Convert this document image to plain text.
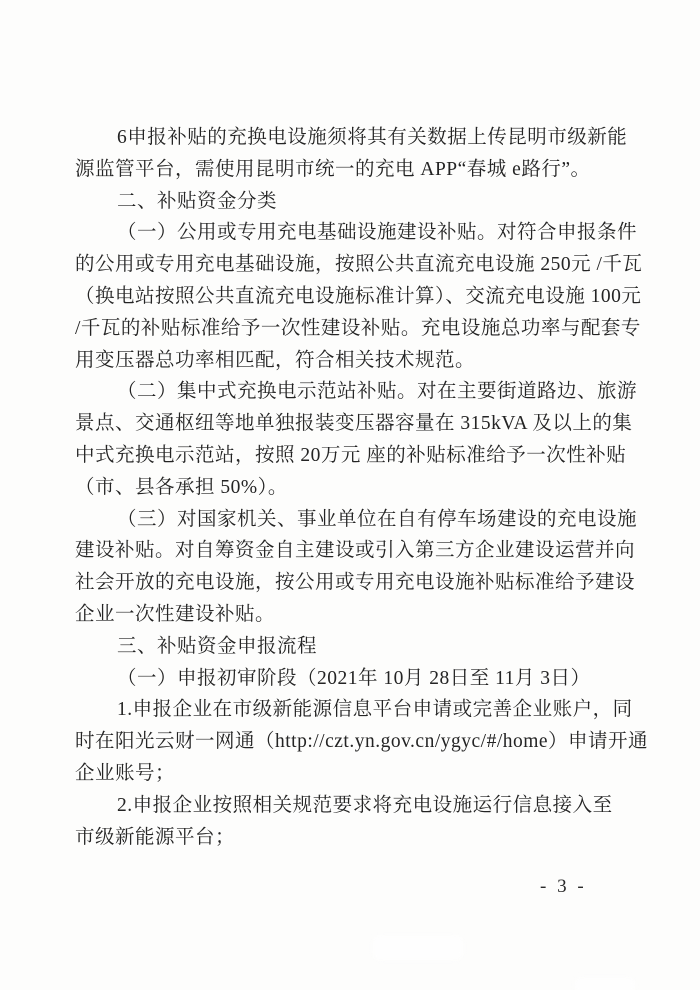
6申报补贴的充换电设施须将其有关数据上传昆明市级新能
源监管平台，需使用昆明市统一的充电 APP“春城 e路行”。
二、补贴资金分类
（一）公用或专用充电基础设施建设补贴。对符合申报条件
的公用或专用充电基础设施，按照公共直流充电设施 250元 /千瓦
（换电站按照公共直流充电设施标准计算）、交流充电设施 100元
/千瓦的补贴标准给予一次性建设补贴。充电设施总功率与配套专
用变压器总功率相匹配，符合相关技术规范。
（二）集中式充换电示范站补贴。对在主要街道路边、旅游
景点、交通枢纽等地单独报装变压器容量在 315kVA 及以上的集
中式充换电示范站，按照 20万元 座的补贴标准给予一次性补贴
（市、县各承担 50%）。
（三）对国家机关、事业单位在自有停车场建设的充电设施
建设补贴。对自筹资金自主建设或引入第三方企业建设运营并向
社会开放的充电设施，按公用或专用充电设施补贴标准给予建设
企业一次性建设补贴。
三、补贴资金申报流程
（一）申报初审阶段（2021年 10月 28日至 11月 3日）
1.申报企业在市级新能源信息平台申请或完善企业账户，同
时在阳光云财一网通（http://czt.yn.gov.cn/ygyc/#/home）申请开通
企业账号；
2.申报企业按照相关规范要求将充电设施运行信息接入至
市级新能源平台；
- 3 -
